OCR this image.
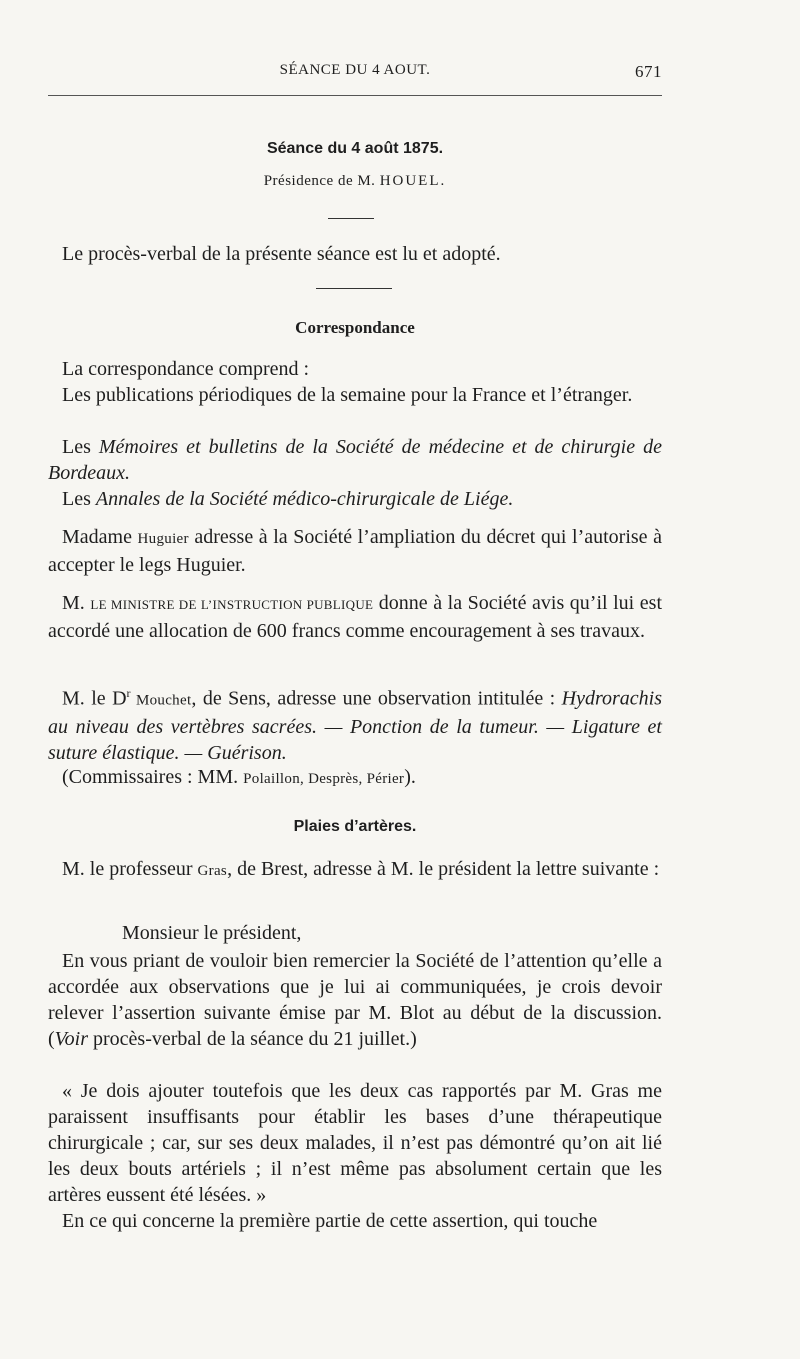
SÉANCE DU 4 AOUT.	671
Séance du 4 août 1875.
Présidence de M. HOUEL.
Le procès-verbal de la présente séance est lu et adopté.
Correspondance
La correspondance comprend :
Les publications périodiques de la semaine pour la France et l’étranger.
Les Mémoires et bulletins de la Société de médecine et de chirurgie de Bordeaux.
Les Annales de la Société médico-chirurgicale de Liége.
Madame Huguier adresse à la Société l’ampliation du décret qui l’autorise à accepter le legs Huguier.
M. LE MINISTRE DE L’INSTRUCTION PUBLIQUE donne à la Société avis qu’il lui est accordé une allocation de 600 francs comme encouragement à ses travaux.
M. le $D^r$ Mouchet, de Sens, adresse une observation intitulée : Hydrorachis au niveau des vertèbres sacrées. — Ponction de la tumeur. — Ligature et suture élastique. — Guérison.
(Commissaires : MM. Polaillon, Desprès, Périer).
Plaies d’artères.
M. le professeur Gras, de Brest, adresse à M. le président la lettre suivante :
Monsieur le président,
En vous priant de vouloir bien remercier la Société de l’attention qu’elle a accordée aux observations que je lui ai communiquées, je crois devoir relever l’assertion suivante émise par M. Blot au début de la discussion. (Voir procès-verbal de la séance du 21 juillet.)
« Je dois ajouter toutefois que les deux cas rapportés par M. Gras me paraissent insuffisants pour établir les bases d’une thérapeutique chirurgicale ; car, sur ses deux malades, il n’est pas démontré qu’on ait lié les deux bouts artériels ; il n’est même pas absolument certain que les artères eussent été lésées. »
En ce qui concerne la première partie de cette assertion, qui touche
